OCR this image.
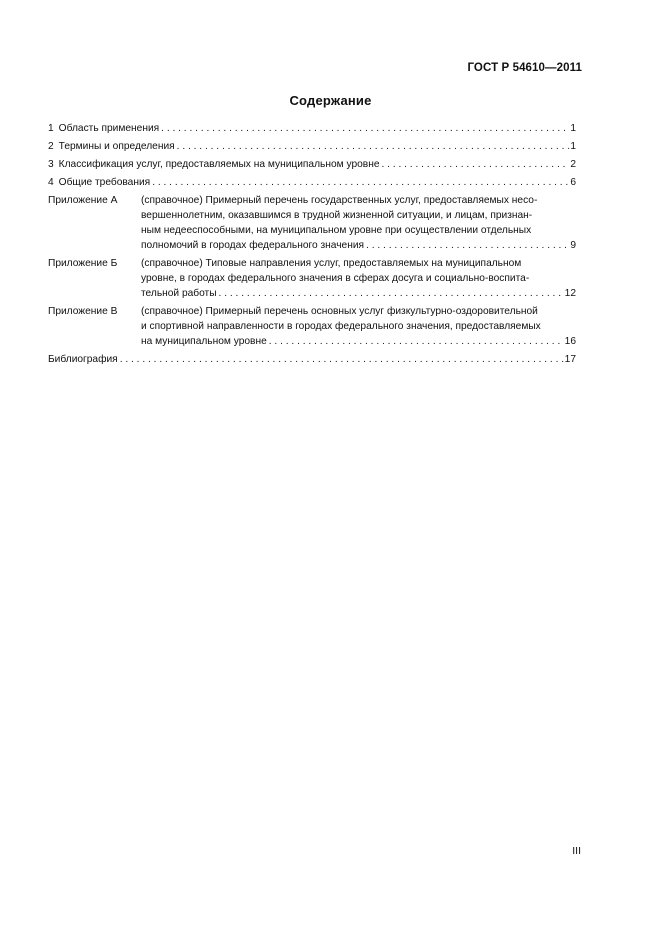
ГОСТ Р 54610—2011
Содержание
1 Область применения . . .	1
2 Термины и определения . . .	1
3 Классификация услуг, предоставляемых на муниципальном уровне . . .	2
4 Общие требования . . .	6
Приложение А	(справочное) Примерный перечень государственных услуг, предоставляемых несо-
вершеннолетним, оказавшимся в трудной жизненной ситуации, и лицам, признан-
ным недееспособными, на муниципальном уровне при осуществлении отдельных
полномочий в городах федерального значения . . .	9
Приложение Б	(справочное) Типовые направления услуг, предоставляемых на муниципальном
уровне, в городах федерального значения в сферах досуга и социально-воспита-
тельной работы . . .	12
Приложение В	(справочное) Примерный перечень основных услуг физкультурно-оздоровительной
и спортивной направленности в городах федерального значения, предоставляемых
на муниципальном уровне . . .	16
Библиография . . .	17
III
